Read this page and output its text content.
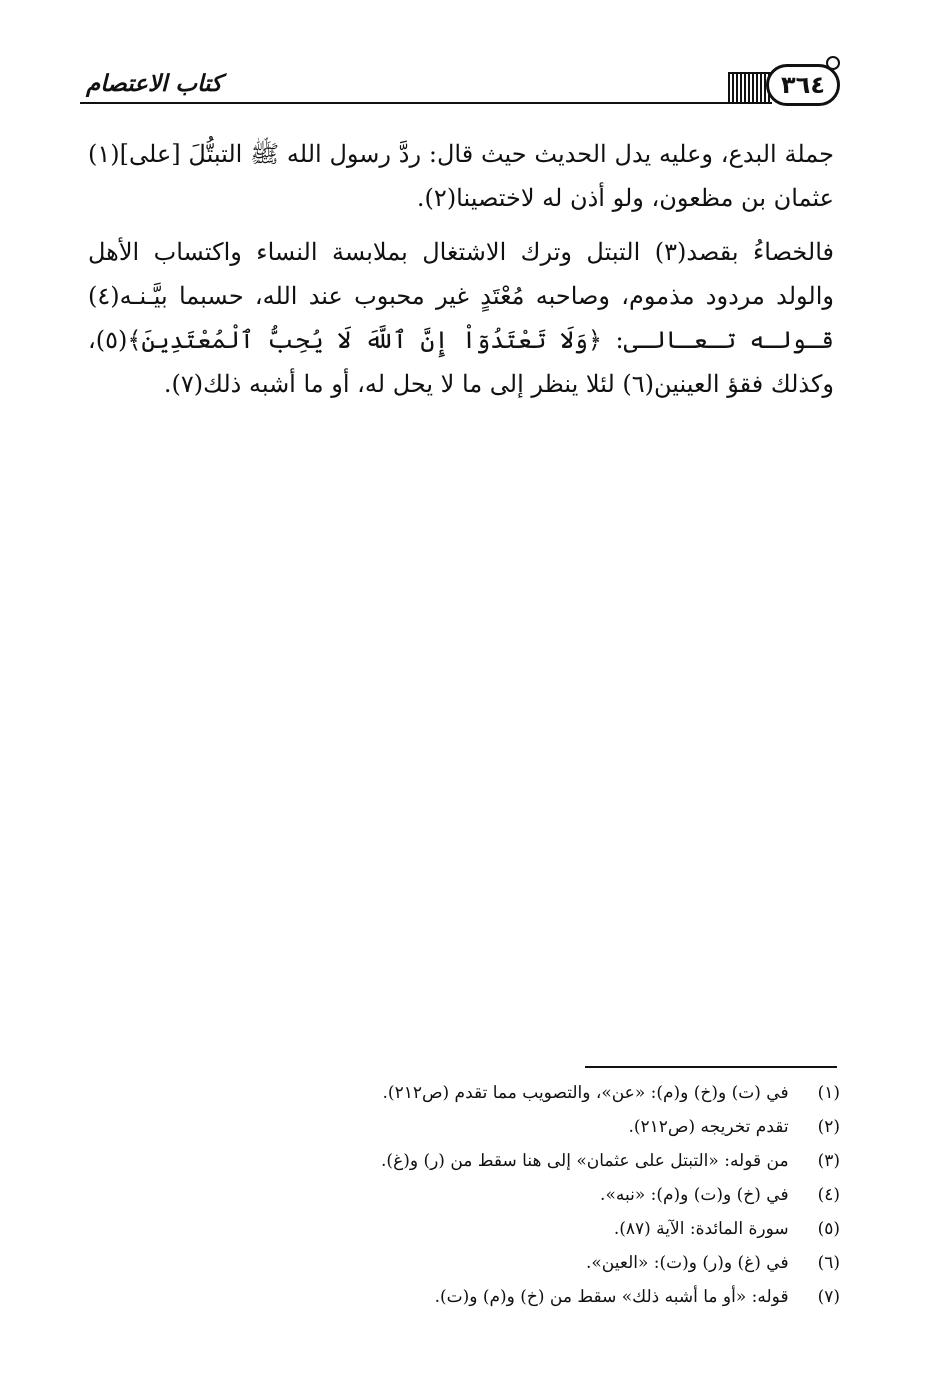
كتاب الاعتصام	٣٦٤

جملة البدع، وعليه يدل الحديث حيث قال: ردَّ رسول الله ﷺ التبتُّلَ [على](١) عثمان بن مظعون، ولو أذن له لاختصينا(٢).

فالخصاءُ بقصد(٣) التبتل وترك الاشتغال بملابسة النساء واكتساب الأهل والولد مردود مذموم، وصاحبه مُعْتَدٍ غير محبوب عند الله، حسبما بيَّـنـه(٤) قـولـه تـعـالـى: ﴿وَلَا تَعْتَدُوٓاْ إِنَّ ٱللَّهَ لَا يُحِبُّ ٱلْمُعْتَدِينَ﴾(٥)، وكذلك فقؤ العينين(٦) لئلا ينظر إلى ما لا يحل له، أو ما أشبه ذلك(٧).

(١) في (ت) و(خ) و(م): «عن»، والتصويب مما تقدم (ص٢١٢).
(٢) تقدم تخريجه (ص٢١٢).
(٣) من قوله: «التبتل على عثمان» إلى هنا سقط من (ر) و(غ).
(٤) في (خ) و(ت) و(م): «نبه».
(٥) سورة المائدة: الآية (٨٧).
(٦) في (غ) و(ر) و(ت): «العين».
(٧) قوله: «أو ما أشبه ذلك» سقط من (خ) و(م) و(ت).
